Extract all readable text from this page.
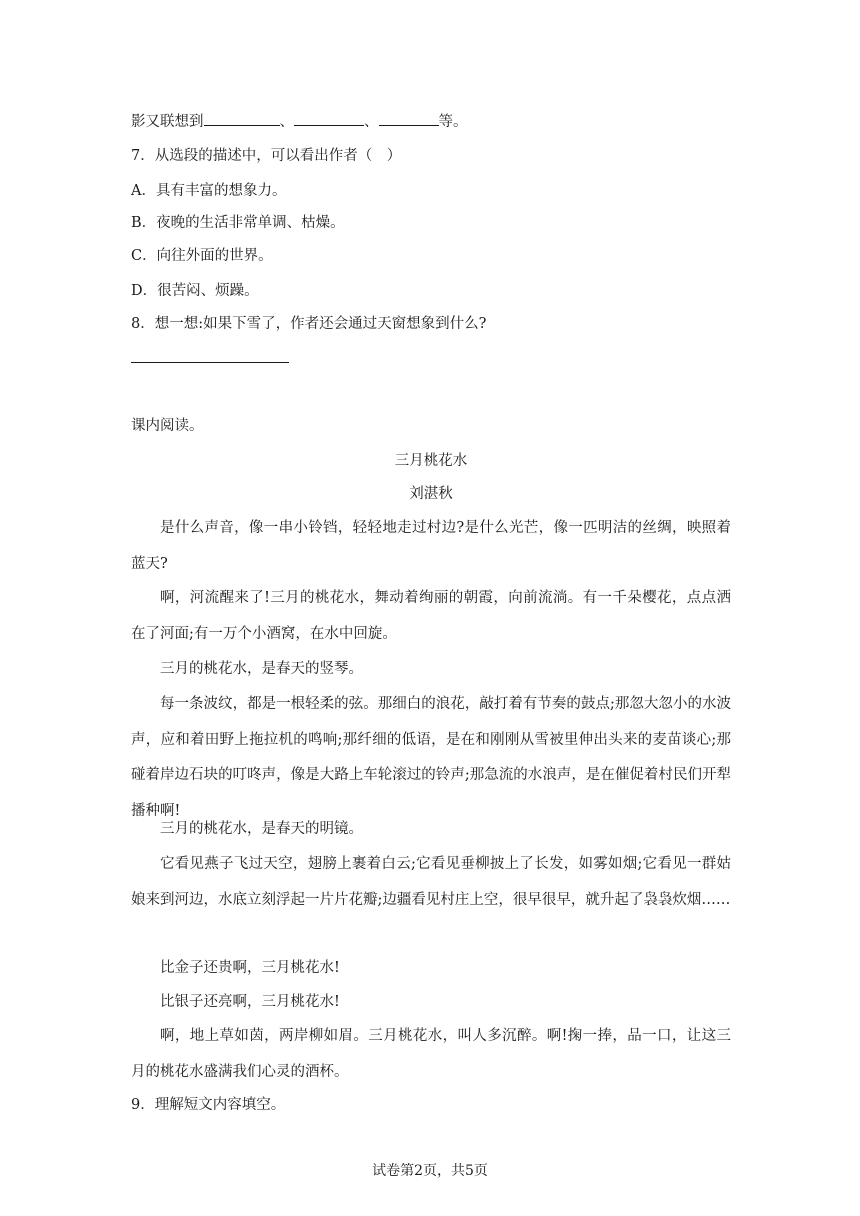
影又联想到	、	、	等。
7．从选段的描述中，可以看出作者（　）
A．具有丰富的想象力。
B．夜晚的生活非常单调、枯燥。
C．向往外面的世界。
D．很苦闷、烦躁。
8．想一想:如果下雪了，作者还会通过天窗想象到什么?
课内阅读。
三月桃花水
刘湛秋
是什么声音，像一串小铃铛，轻轻地走过村边?是什么光芒，像一匹明洁的丝绸，映照着蓝天?
啊，河流醒来了!三月的桃花水，舞动着绚丽的朝霞，向前流淌。有一千朵樱花，点点洒在了河面;有一万个小酒窝，在水中回旋。
三月的桃花水，是春天的竖琴。
每一条波纹，都是一根轻柔的弦。那细白的浪花，敲打着有节奏的鼓点;那忽大忽小的水波声，应和着田野上拖拉机的鸣响;那纤细的低语，是在和刚刚从雪被里伸出头来的麦苗谈心;那碰着岸边石块的叮咚声，像是大路上车轮滚过的铃声;那急流的水浪声，是在催促着村民们开犁播种啊!
三月的桃花水，是春天的明镜。
它看见燕子飞过天空，翅膀上裹着白云;它看见垂柳披上了长发，如雾如烟;它看见一群姑娘来到河边，水底立刻浮起一片片花瓣;边疆看见村庄上空，很早很早，就升起了袅袅炊烟……
比金子还贵啊，三月桃花水!
比银子还亮啊，三月桃花水!
啊，地上草如茵，两岸柳如眉。三月桃花水，叫人多沉醉。啊!掬一捧，品一口，让这三月的桃花水盛满我们心灵的酒杯。
9．理解短文内容填空。
试卷第2页，共5页
